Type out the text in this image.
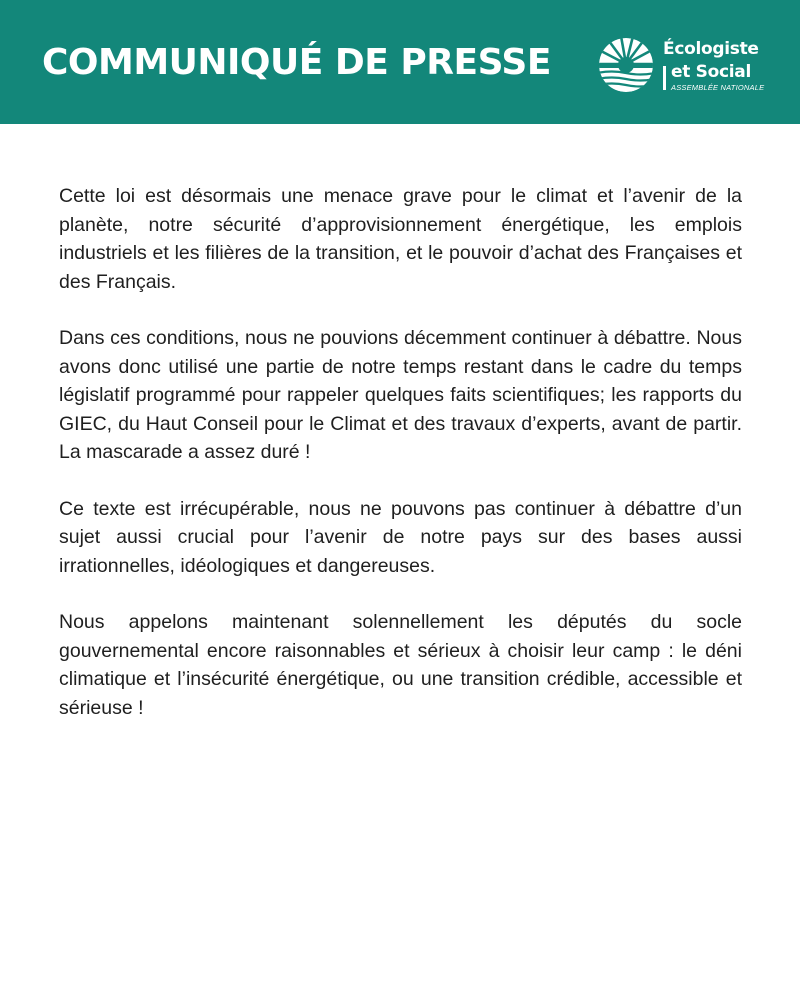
COMMUNIQUÉ DE PRESSE	Écologiste
et Social
ASSEMBLÉE NATIONALE

Cette loi est désormais une menace grave pour le climat et l’avenir de la planète, notre sécurité d’approvisionnement énergétique, les emplois industriels et les filières de la transition, et le pouvoir d’achat des Françaises et des Français.

Dans ces conditions, nous ne pouvions décemment continuer à débattre. Nous avons donc utilisé une partie de notre temps restant dans le cadre du temps législatif programmé pour rappeler quelques faits scientifiques; les rapports du GIEC, du Haut Conseil pour le Climat et des travaux d’experts, avant de partir. La mascarade a assez duré !

Ce texte est irrécupérable, nous ne pouvons pas continuer à débattre d’un sujet aussi crucial pour l’avenir de notre pays sur des bases aussi irrationnelles, idéologiques et dangereuses.

Nous appelons maintenant solennellement les députés du socle gouvernemental encore raisonnables et sérieux à choisir leur camp : le déni climatique et l’insécurité énergétique, ou une transition crédible, accessible et sérieuse !
